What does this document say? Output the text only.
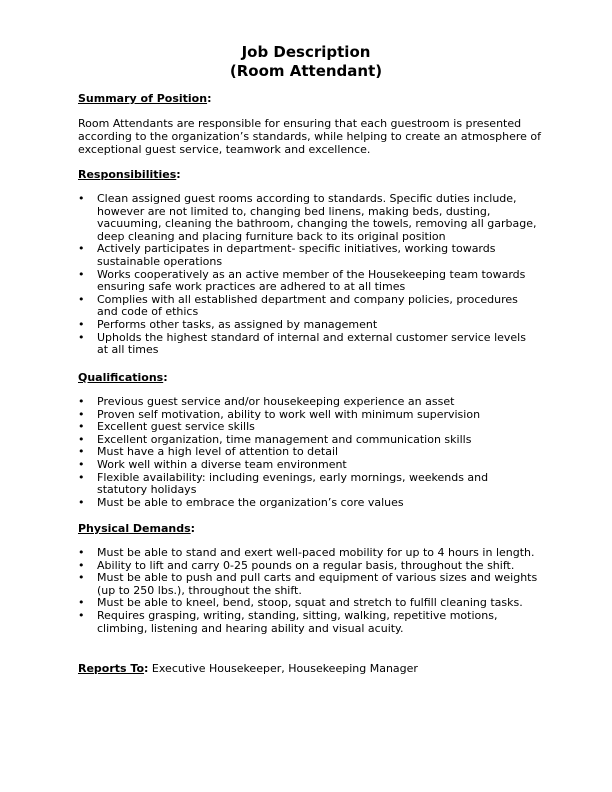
Job Description
(Room Attendant)

Summary of Position:

Room Attendants are responsible for ensuring that each guestroom is presented according to the organization’s standards, while helping to create an atmosphere of exceptional guest service, teamwork and excellence.

Responsibilities:

• Clean assigned guest rooms according to standards. Specific duties include, however are not limited to, changing bed linens, making beds, dusting, vacuuming, cleaning the bathroom, changing the towels, removing all garbage, deep cleaning and placing furniture back to its original position
• Actively participates in department- specific initiatives, working towards sustainable operations
• Works cooperatively as an active member of the Housekeeping team towards ensuring safe work practices are adhered to at all times
• Complies with all established department and company policies, procedures and code of ethics
• Performs other tasks, as assigned by management
• Upholds the highest standard of internal and external customer service levels at all times

Qualifications:

• Previous guest service and/or housekeeping experience an asset
• Proven self motivation, ability to work well with minimum supervision
• Excellent guest service skills
• Excellent organization, time management and communication skills
• Must have a high level of attention to detail
• Work well within a diverse team environment
• Flexible availability: including evenings, early mornings, weekends and statutory holidays
• Must be able to embrace the organization’s core values

Physical Demands:

• Must be able to stand and exert well-paced mobility for up to 4 hours in length.
• Ability to lift and carry 0-25 pounds on a regular basis, throughout the shift.
• Must be able to push and pull carts and equipment of various sizes and weights (up to 250 lbs.), throughout the shift.
• Must be able to kneel, bend, stoop, squat and stretch to fulfill cleaning tasks.
• Requires grasping, writing, standing, sitting, walking, repetitive motions, climbing, listening and hearing ability and visual acuity.

Reports To: Executive Housekeeper, Housekeeping Manager
